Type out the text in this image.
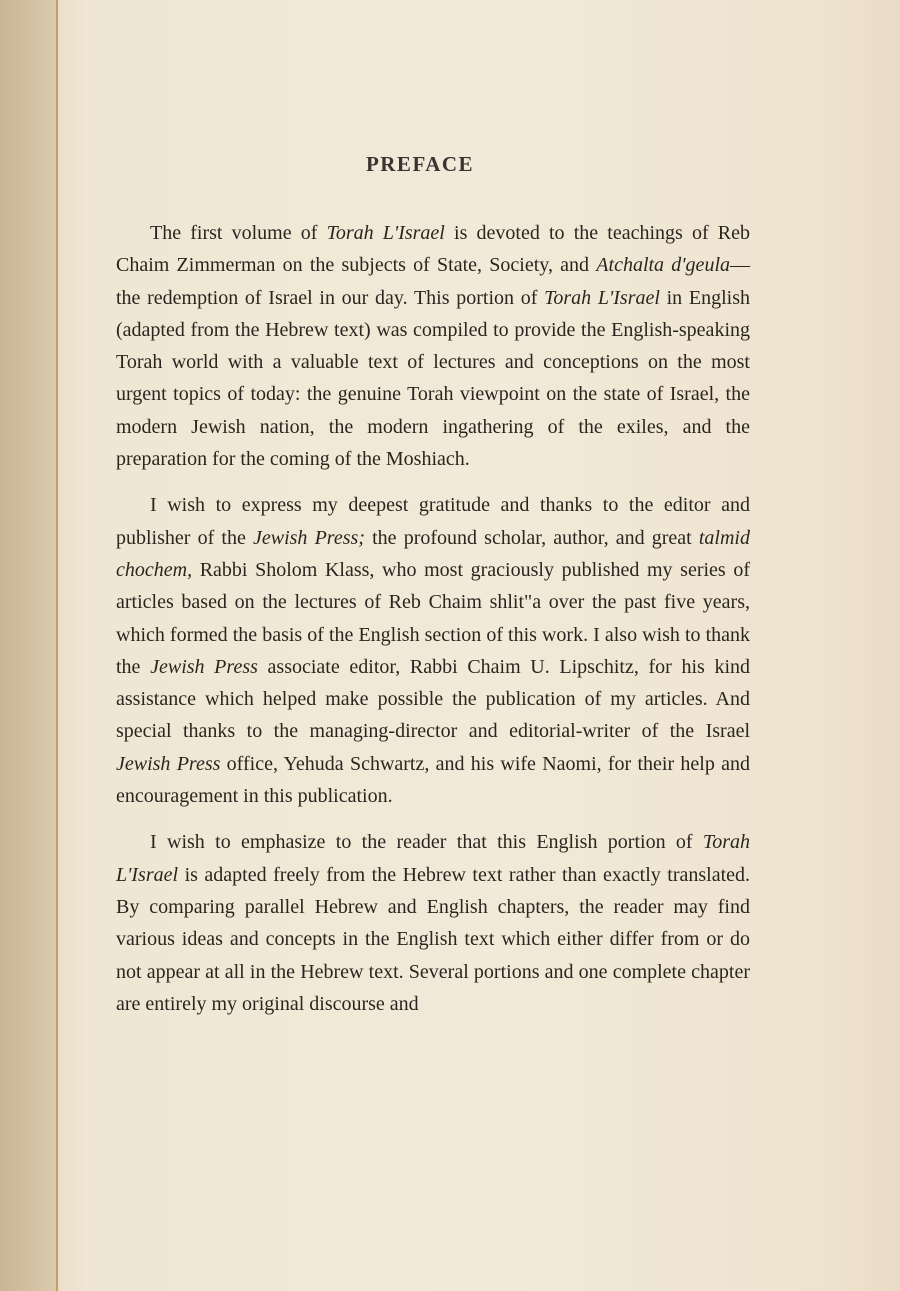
PREFACE

The first volume of Torah L'Israel is devoted to the teachings of Reb Chaim Zimmerman on the subjects of State, Society, and Atchalta d'geula—the redemption of Israel in our day. This portion of Torah L'Israel in English (adapted from the Hebrew text) was compiled to provide the English-speaking Torah world with a valuable text of lectures and conceptions on the most urgent topics of today: the genuine Torah viewpoint on the state of Israel, the modern Jewish nation, the modern ingathering of the exiles, and the preparation for the coming of the Moshiach.

I wish to express my deepest gratitude and thanks to the editor and publisher of the Jewish Press; the profound scholar, author, and great talmid chochem, Rabbi Sholom Klass, who most graciously published my series of articles based on the lectures of Reb Chaim shlit"a over the past five years, which formed the basis of the English section of this work. I also wish to thank the Jewish Press associate editor, Rabbi Chaim U. Lipschitz, for his kind assistance which helped make possible the publication of my articles. And special thanks to the managing-director and editorial-writer of the Israel Jewish Press office, Yehuda Schwartz, and his wife Naomi, for their help and encouragement in this publication.

I wish to emphasize to the reader that this English portion of Torah L'Israel is adapted freely from the Hebrew text rather than exactly translated. By comparing parallel Hebrew and English chapters, the reader may find various ideas and concepts in the English text which either differ from or do not appear at all in the Hebrew text. Several portions and one complete chapter are entirely my original discourse and
